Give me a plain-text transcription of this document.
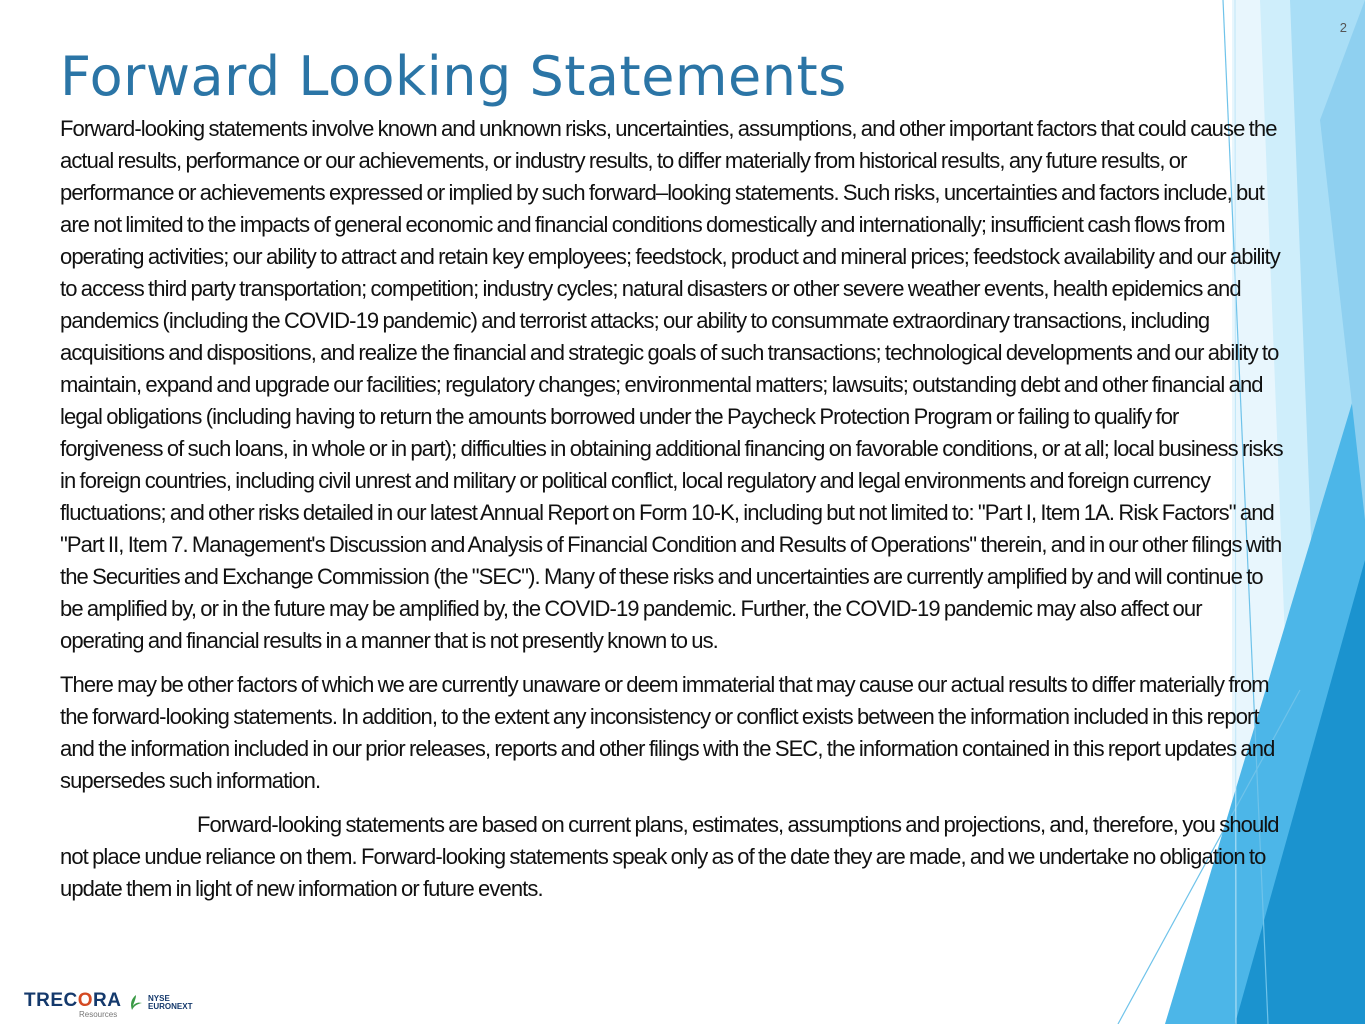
2
Forward Looking Statements

Forward-looking statements involve known and unknown risks, uncertainties, assumptions, and other important factors that could cause the actual results, performance or our achievements, or industry results, to differ materially from historical results, any future results, or performance or achievements expressed or implied by such forward–looking statements. Such risks, uncertainties and factors include, but are not limited to the impacts of general economic and financial conditions domestically and internationally; insufficient cash flows from operating activities; our ability to attract and retain key employees; feedstock, product and mineral prices; feedstock availability and our ability to access third party transportation; competition; industry cycles; natural disasters or other severe weather events, health epidemics and pandemics (including the COVID-19 pandemic) and terrorist attacks; our ability to consummate extraordinary transactions, including acquisitions and dispositions, and realize the financial and strategic goals of such transactions; technological developments and our ability to maintain, expand and upgrade our facilities; regulatory changes; environmental matters; lawsuits; outstanding debt and other financial and legal obligations (including having to return the amounts borrowed under the Paycheck Protection Program or failing to qualify for forgiveness of such loans, in whole or in part); difficulties in obtaining additional financing on favorable conditions, or at all; local business risks in foreign countries, including civil unrest and military or political conflict, local regulatory and legal environments and foreign currency fluctuations; and other risks detailed in our latest Annual Report on Form 10-K, including but not limited to: "Part I, Item 1A. Risk Factors" and "Part II, Item 7. Management's Discussion and Analysis of Financial Condition and Results of Operations" therein, and in our other filings with the Securities and Exchange Commission (the "SEC"). Many of these risks and uncertainties are currently amplified by and will continue to be amplified by, or in the future may be amplified by, the COVID-19 pandemic. Further, the COVID-19 pandemic may also affect our operating and financial results in a manner that is not presently known to us.

There may be other factors of which we are currently unaware or deem immaterial that may cause our actual results to differ materially from the forward-looking statements. In addition, to the extent any inconsistency or conflict exists between the information included in this report and the information included in our prior releases, reports and other filings with the SEC, the information contained in this report updates and supersedes such information.

Forward-looking statements are based on current plans, estimates, assumptions and projections, and, therefore, you should not place undue reliance on them. Forward-looking statements speak only as of the date they are made, and we undertake no obligation to update them in light of new information or future events.

TRECORA
Resources
NYSE
EURONEXT
